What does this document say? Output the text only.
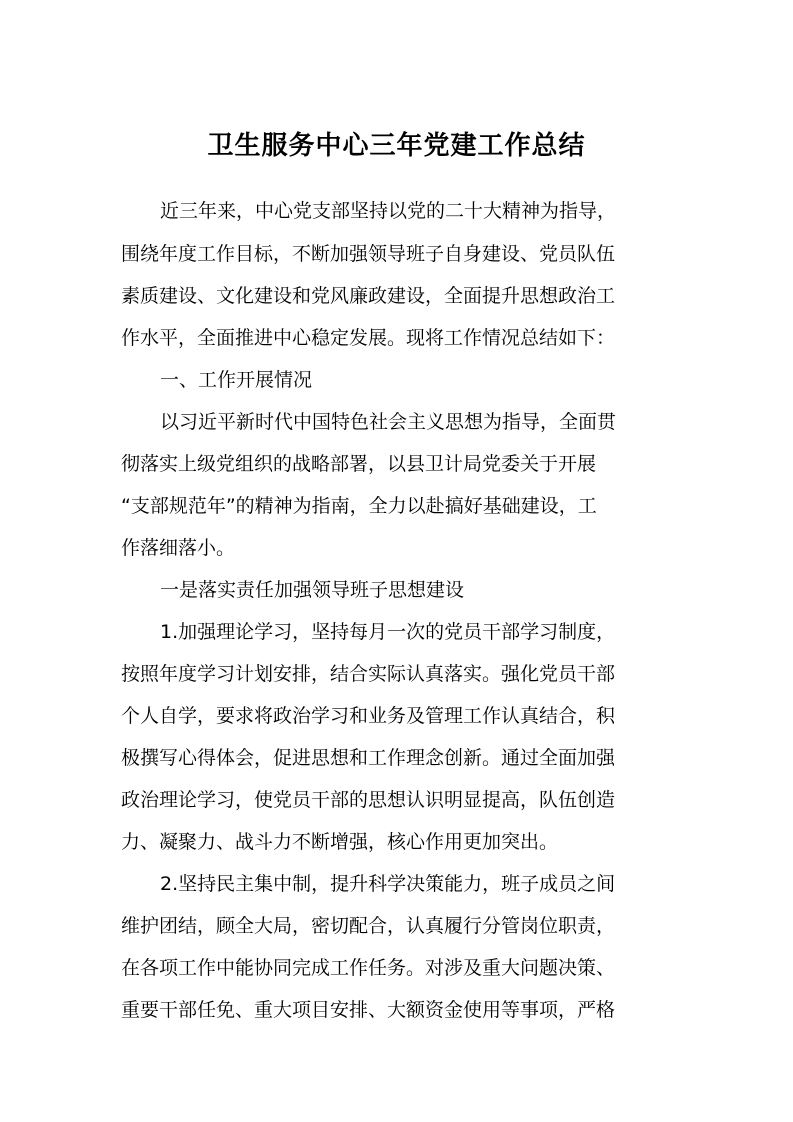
卫生服务中心三年党建工作总结
近三年来，中心党支部坚持以党的二十大精神为指导，
围绕年度工作目标，不断加强领导班子自身建设、党员队伍
素质建设、文化建设和党风廉政建设，全面提升思想政治工
作水平，全面推进中心稳定发展。现将工作情况总结如下：
一、工作开展情况
以习近平新时代中国特色社会主义思想为指导，全面贯
彻落实上级党组织的战略部署，以县卫计局党委关于开展
“支部规范年”的精神为指南，全力以赴搞好基础建设，工
作落细落小。
一是落实责任加强领导班子思想建设
1.加强理论学习，坚持每月一次的党员干部学习制度，
按照年度学习计划安排，结合实际认真落实。强化党员干部
个人自学，要求将政治学习和业务及管理工作认真结合，积
极撰写心得体会，促进思想和工作理念创新。通过全面加强
政治理论学习，使党员干部的思想认识明显提高，队伍创造
力、凝聚力、战斗力不断增强，核心作用更加突出。
2.坚持民主集中制，提升科学决策能力，班子成员之间
维护团结，顾全大局，密切配合，认真履行分管岗位职责，
在各项工作中能协同完成工作任务。对涉及重大问题决策、
重要干部任免、重大项目安排、大额资金使用等事项，严格
